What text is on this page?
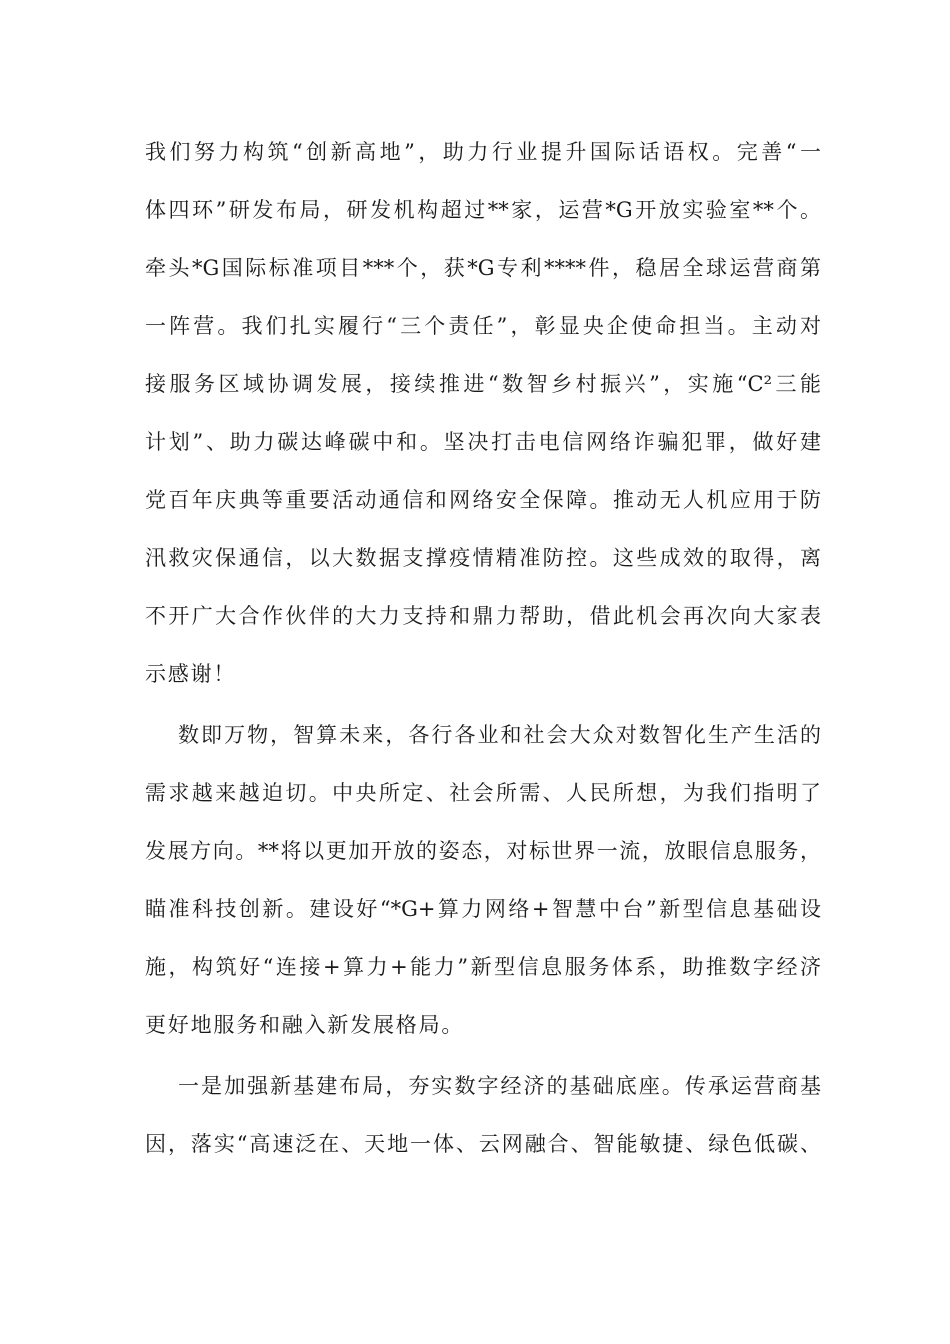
我们努力构筑“创新高地”，助力行业提升国际话语权。完善“一
体四环”研发布局，研发机构超过**家，运营*G开放实验室**个。
牵头*G国际标准项目***个，获*G专利****件，稳居全球运营商第
一阵营。我们扎实履行“三个责任”，彰显央企使命担当。主动对
接服务区域协调发展，接续推进“数智乡村振兴”，实施“C²三能
计划”、助力碳达峰碳中和。坚决打击电信网络诈骗犯罪，做好建
党百年庆典等重要活动通信和网络安全保障。推动无人机应用于防
汛救灾保通信，以大数据支撑疫情精准防控。这些成效的取得，离
不开广大合作伙伴的大力支持和鼎力帮助，借此机会再次向大家表
示感谢！
数即万物，智算未来，各行各业和社会大众对数智化生产生活的
需求越来越迫切。中央所定、社会所需、人民所想，为我们指明了
发展方向。**将以更加开放的姿态，对标世界一流，放眼信息服务，
瞄准科技创新。建设好“*G+算力网络+智慧中台”新型信息基础设
施，构筑好“连接+算力+能力”新型信息服务体系，助推数字经济
更好地服务和融入新发展格局。
一是加强新基建布局，夯实数字经济的基础底座。传承运营商基
因，落实“高速泛在、天地一体、云网融合、智能敏捷、绿色低碳、
